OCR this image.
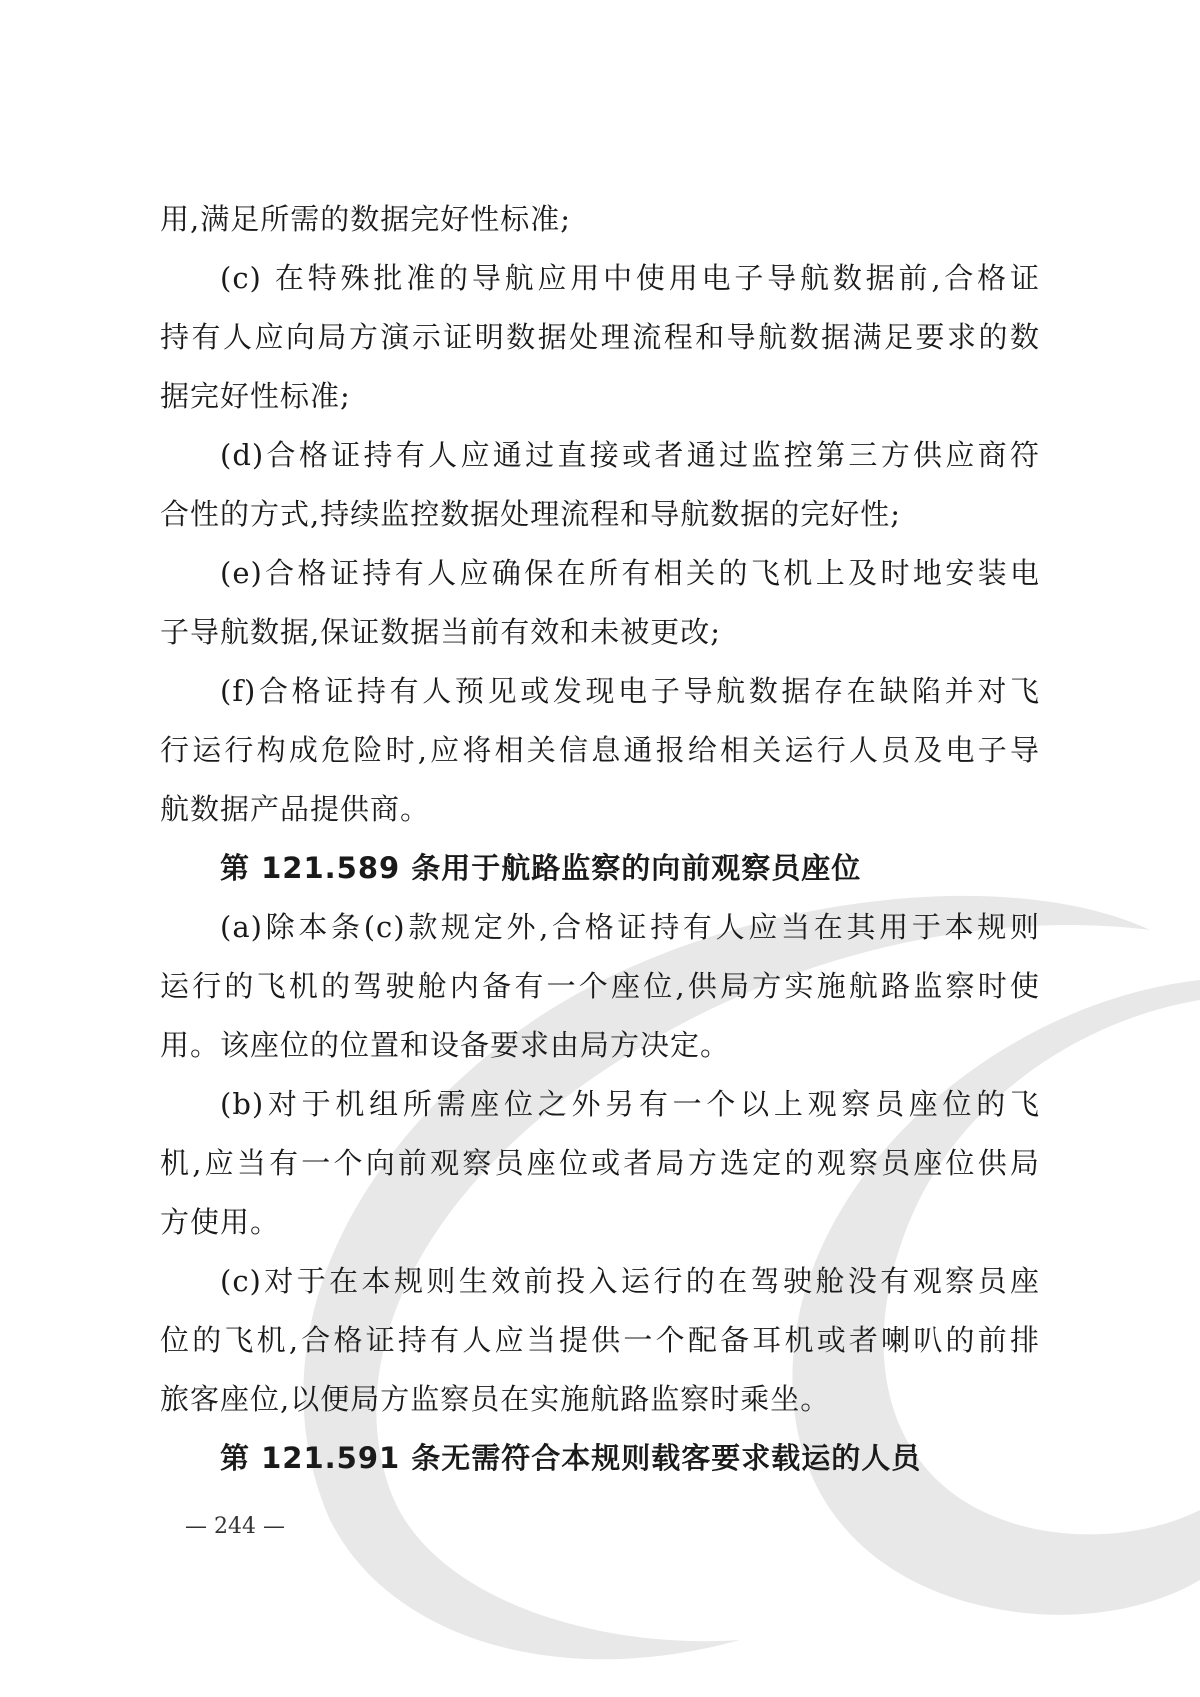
用,满足所需的数据完好性标准;
(c) 在特殊批准的导航应用中使用电子导航数据前,合格证
持有人应向局方演示证明数据处理流程和导航数据满足要求的数
据完好性标准;
(d)合格证持有人应通过直接或者通过监控第三方供应商符
合性的方式,持续监控数据处理流程和导航数据的完好性;
(e)合格证持有人应确保在所有相关的飞机上及时地安装电
子导航数据,保证数据当前有效和未被更改;
(f)合格证持有人预见或发现电子导航数据存在缺陷并对飞
行运行构成危险时,应将相关信息通报给相关运行人员及电子导
航数据产品提供商。
第 121.589 条用于航路监察的向前观察员座位
(a)除本条(c)款规定外,合格证持有人应当在其用于本规则
运行的飞机的驾驶舱内备有一个座位,供局方实施航路监察时使
用。该座位的位置和设备要求由局方决定。
(b)对于机组所需座位之外另有一个以上观察员座位的飞
机,应当有一个向前观察员座位或者局方选定的观察员座位供局
方使用。
(c)对于在本规则生效前投入运行的在驾驶舱没有观察员座
位的飞机,合格证持有人应当提供一个配备耳机或者喇叭的前排
旅客座位,以便局方监察员在实施航路监察时乘坐。
第 121.591 条无需符合本规则载客要求载运的人员
— 244 —
